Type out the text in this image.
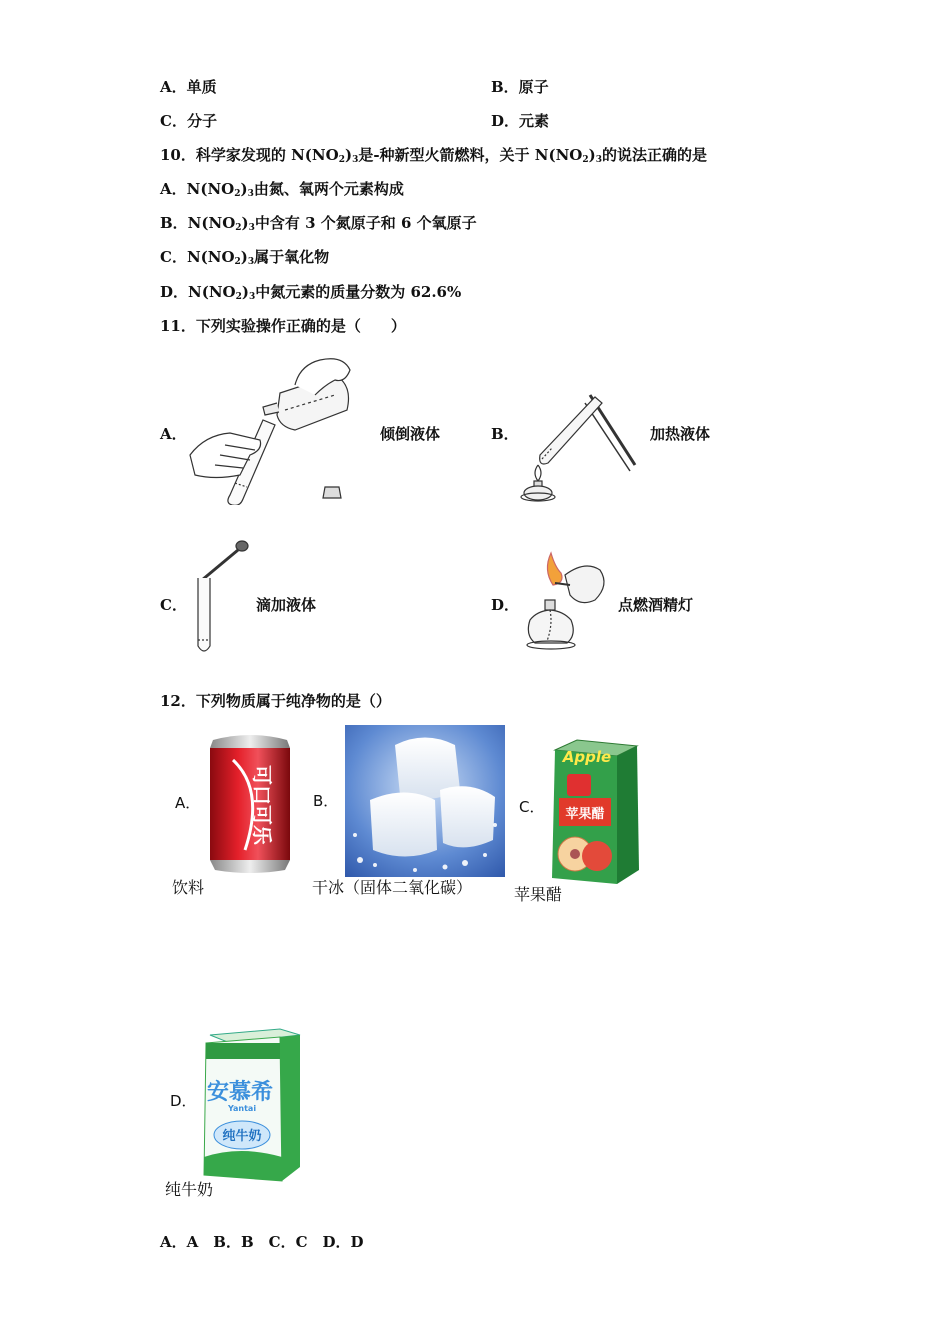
A．单质	B．原子
C．分子	D．元素
10．科学家发现的 $N(NO_2)_3$是-种新型火箭燃料，关于 $N(NO_2)_3$的说法正确的是
A．$N(NO_2)_3$由氮、氧两个元素构成
B．$N(NO_2)_3$中含有 3 个氮原子和 6 个氧原子
C．$N(NO_2)_3$属于氧化物
D．$N(NO_2)_3$中氮元素的质量分数为 62.6%
11．下列实验操作正确的是（　　）
A．	倾倒液体	B．	加热液体
C．	滴加液体	D．	点燃酒精灯
12．下列物质属于纯净物的是（）
A． 可口可乐
饮料
B．
干冰（固体二氧化碳）
C．
Apple
苹果醋
苹果醋
D． 安慕希
Yantai
纯牛奶
纯牛奶
A．A　B．B　C．C　D．D
